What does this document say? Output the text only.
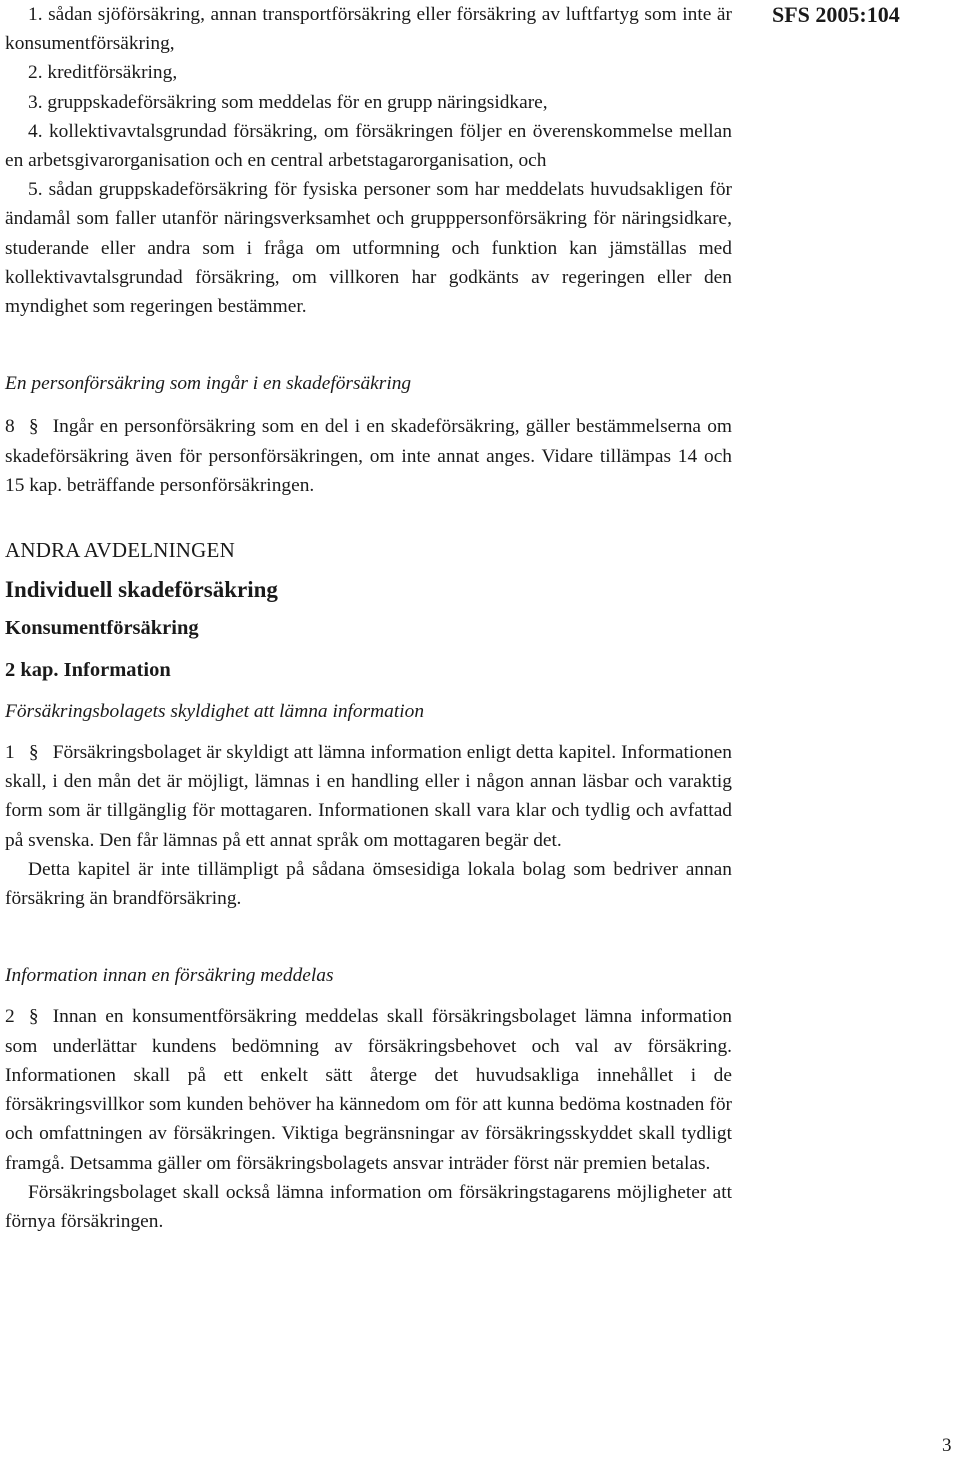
SFS 2005:104

1. sådan sjöförsäkring, annan transportförsäkring eller försäkring av luftfartyg som inte är konsumentförsäkring,

2. kreditförsäkring,

3. gruppskadeförsäkring som meddelas för en grupp näringsidkare,

4. kollektivavtalsgrundad försäkring, om försäkringen följer en överenskommelse mellan en arbetsgivarorganisation och en central arbetstagarorganisation, och

5. sådan gruppskadeförsäkring för fysiska personer som har meddelats huvudsakligen för ändamål som faller utanför näringsverksamhet och grupppersonförsäkring för näringsidkare, studerande eller andra som i fråga om utformning och funktion kan jämställas med kollektivavtalsgrundad försäkring, om villkoren har godkänts av regeringen eller den myndighet som regeringen bestämmer.

En personförsäkring som ingår i en skadeförsäkring

8 § Ingår en personförsäkring som en del i en skadeförsäkring, gäller bestämmelserna om skadeförsäkring även för personförsäkringen, om inte annat anges. Vidare tillämpas 14 och 15 kap. beträffande personförsäkringen.

ANDRA AVDELNINGEN

Individuell skadeförsäkring

Konsumentförsäkring

2 kap. Information

Försäkringsbolagets skyldighet att lämna information

1 § Försäkringsbolaget är skyldigt att lämna information enligt detta kapitel. Informationen skall, i den mån det är möjligt, lämnas i en handling eller i någon annan läsbar och varaktig form som är tillgänglig för mottagaren. Informationen skall vara klar och tydlig och avfattad på svenska. Den får lämnas på ett annat språk om mottagaren begär det.

Detta kapitel är inte tillämpligt på sådana ömsesidiga lokala bolag som bedriver annan försäkring än brandförsäkring.

Information innan en försäkring meddelas

2 § Innan en konsumentförsäkring meddelas skall försäkringsbolaget lämna information som underlättar kundens bedömning av försäkringsbehovet och val av försäkring. Informationen skall på ett enkelt sätt återge det huvudsakliga innehållet i de försäkringsvillkor som kunden behöver ha kännedom om för att kunna bedöma kostnaden för och omfattningen av försäkringen. Viktiga begränsningar av försäkringsskyddet skall tydligt framgå. Detsamma gäller om försäkringsbolagets ansvar inträder först när premien betalas.

Försäkringsbolaget skall också lämna information om försäkringstagarens möjligheter att förnya försäkringen.

3
